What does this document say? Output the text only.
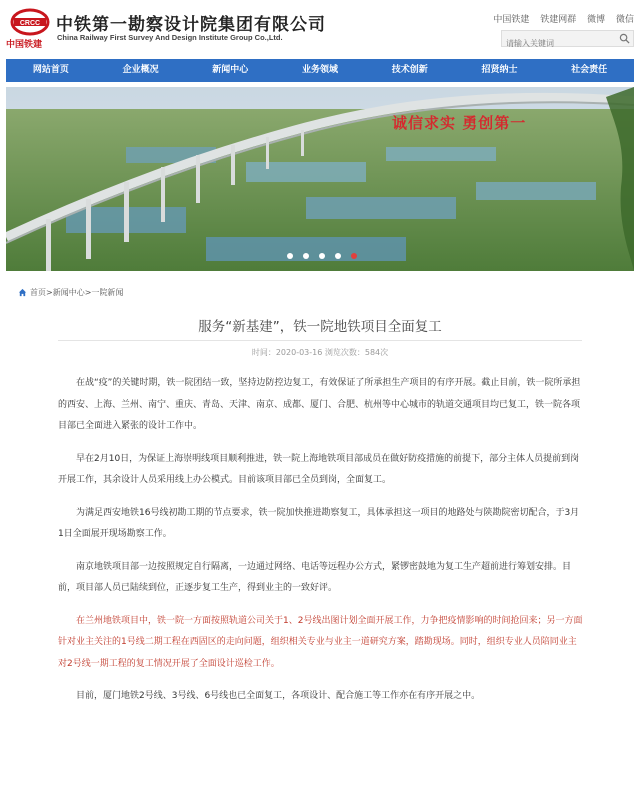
CRCC
中国铁建
中铁第一勘察设计院集团有限公司
China Railway First Survey And Design Institute Group Co.,Ltd.
中国铁建 铁建网群 微博 微信
请输入关键词
网站首页	企业概况	新闻中心	业务领域	技术创新	招贤纳士	社会责任
诚信求实 勇创第一
首页 > 新闻中心 > 一院新闻
服务“新基建”，铁一院地铁项目全面复工
时间：2020-03-16 浏览次数：584次

在战“疫”的关键时期，铁一院团结一致，坚持边防控边复工，有效保证了所承担生产项目的有序开展。截止目前，铁一院所承担的西安、上海、兰州、南宁、重庆、青岛、天津、南京、成都、厦门、合肥、杭州等中心城市的轨道交通项目均已复工，铁一院各项目部已全面进入紧张的设计工作中。

早在2月10日，为保证上海崇明线项目顺利推进，铁一院上海地铁项目部成员在做好防疫措施的前提下，部分主体人员提前到岗开展工作，其余设计人员采用线上办公模式。目前该项目部已全员到岗，全面复工。

为满足西安地铁16号线初勘工期的节点要求，铁一院加快推进勘察复工，具体承担这一项目的地路处与陕勘院密切配合，于3月1日全面展开现场勘察工作。

南京地铁项目部一边按照规定自行隔离，一边通过网络、电话等远程办公方式，紧锣密鼓地为复工生产超前进行筹划安排。目前，项目部人员已陆续到位，正逐步复工生产，得到业主的一致好评。

在兰州地铁项目中，铁一院一方面按照轨道公司关于1、2号线出图计划全面开展工作，力争把疫情影响的时间抢回来；另一方面针对业主关注的1号线二期工程在西固区的走向问题，组织相关专业与业主一道研究方案，踏勘现场。同时，组织专业人员陪同业主对2号线一期工程的复工情况开展了全面设计巡检工作。

目前，厦门地铁2号线、3号线、6号线也已全面复工，各项设计、配合施工等工作亦在有序开展之中。
